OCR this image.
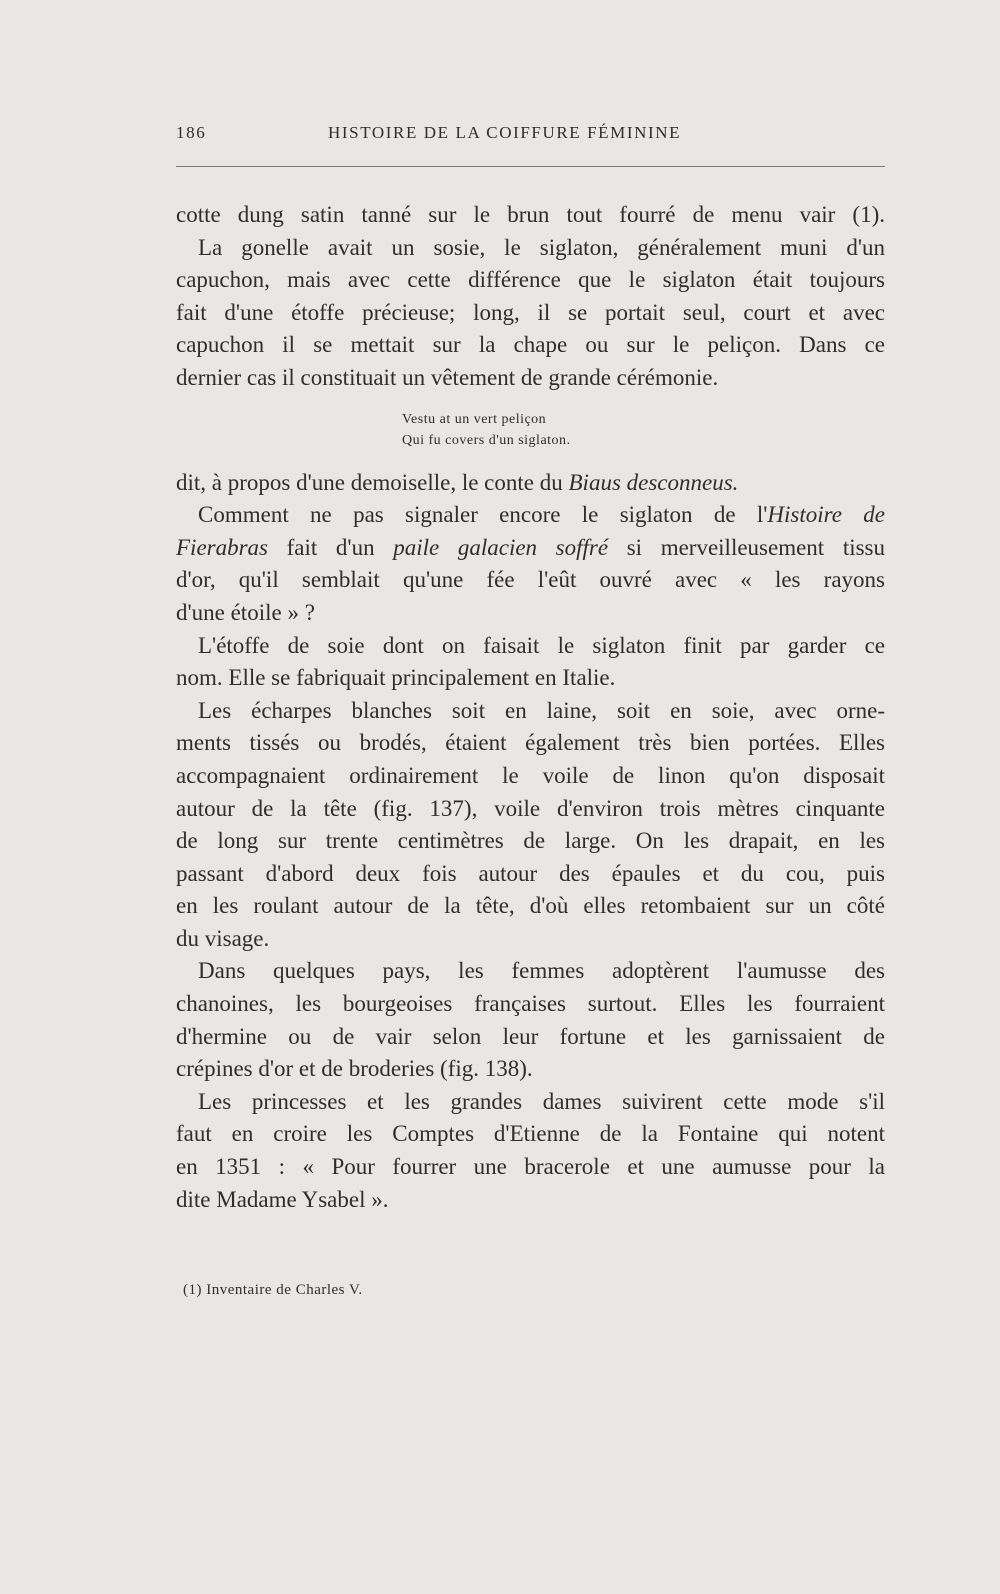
186	HISTOIRE DE LA COIFFURE FÉMININE
cotte dung satin tanné sur le brun tout fourré de menu vair (1).
La gonelle avait un sosie, le siglaton, généralement muni d'un
capuchon, mais avec cette différence que le siglaton était toujours
fait d'une étoffe précieuse; long, il se portait seul, court et avec
capuchon il se mettait sur la chape ou sur le peliçon. Dans ce
dernier cas il constituait un vêtement de grande cérémonie.
Vestu at un vert peliçon
Qui fu covers d'un siglaton.
dit, à propos d'une demoiselle, le conte du Biaus desconneus.
Comment ne pas signaler encore le siglaton de l'Histoire de
Fierabras fait d'un paile galacien soffré si merveilleusement tissu
d'or, qu'il semblait qu'une fée l'eût ouvré avec « les rayons
d'une étoile » ?
L'étoffe de soie dont on faisait le siglaton finit par garder ce
nom. Elle se fabriquait principalement en Italie.
Les écharpes blanches soit en laine, soit en soie, avec orne-
ments tissés ou brodés, étaient également très bien portées. Elles
accompagnaient ordinairement le voile de linon qu'on disposait
autour de la tête (fig. 137), voile d'environ trois mètres cinquante
de long sur trente centimètres de large. On les drapait, en les
passant d'abord deux fois autour des épaules et du cou, puis
en les roulant autour de la tête, d'où elles retombaient sur un côté
du visage.
Dans quelques pays, les femmes adoptèrent l'aumusse des
chanoines, les bourgeoises françaises surtout. Elles les fourraient
d'hermine ou de vair selon leur fortune et les garnissaient de
crépines d'or et de broderies (fig. 138).
Les princesses et les grandes dames suivirent cette mode s'il
faut en croire les Comptes d'Etienne de la Fontaine qui notent
en 1351 : « Pour fourrer une bracerole et une aumusse pour la
dite Madame Ysabel ».
(1) Inventaire de Charles V.
